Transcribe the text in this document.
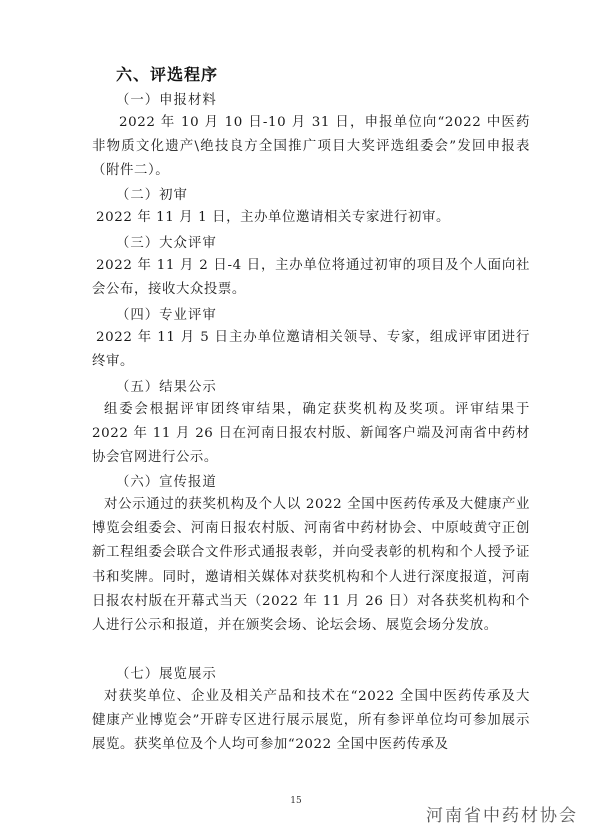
六、评选程序
（一）申报材料

2022 年 10 月 10 日-10 月 31 日，申报单位向“2022 中医药非物质文化遗产\绝技良方全国推广项目大奖评选组委会”发回申报表（附件二）。

（二）初审

2022 年 11 月 1 日，主办单位邀请相关专家进行初审。

（三）大众评审

2022 年 11 月 2 日-4 日，主办单位将通过初审的项目及个人面向社会公布，接收大众投票。

（四）专业评审

2022 年 11 月 5 日主办单位邀请相关领导、专家，组成评审团进行终审。

（五）结果公示

组委会根据评审团终审结果，确定获奖机构及奖项。评审结果于 2022 年 11 月 26 日在河南日报农村版、新闻客户端及河南省中药材协会官网进行公示。

（六）宣传报道

对公示通过的获奖机构及个人以 2022 全国中医药传承及大健康产业博览会组委会、河南日报农村版、河南省中药材协会、中原岐黄守正创新工程组委会联合文件形式通报表彰，并向受表彰的机构和个人授予证书和奖牌。同时，邀请相关媒体对获奖机构和个人进行深度报道，河南日报农村版在开幕式当天（2022 年 11 月 26 日）对各获奖机构和个人进行公示和报道，并在颁奖会场、论坛会场、展览会场分发放。

（七）展览展示

对获奖单位、企业及相关产品和技术在“2022 全国中医药传承及大健康产业博览会”开辟专区进行展示展览，所有参评单位均可参加展示展览。获奖单位及个人均可参加“2022 全国中医药传承及

15
河南省中药材协会
